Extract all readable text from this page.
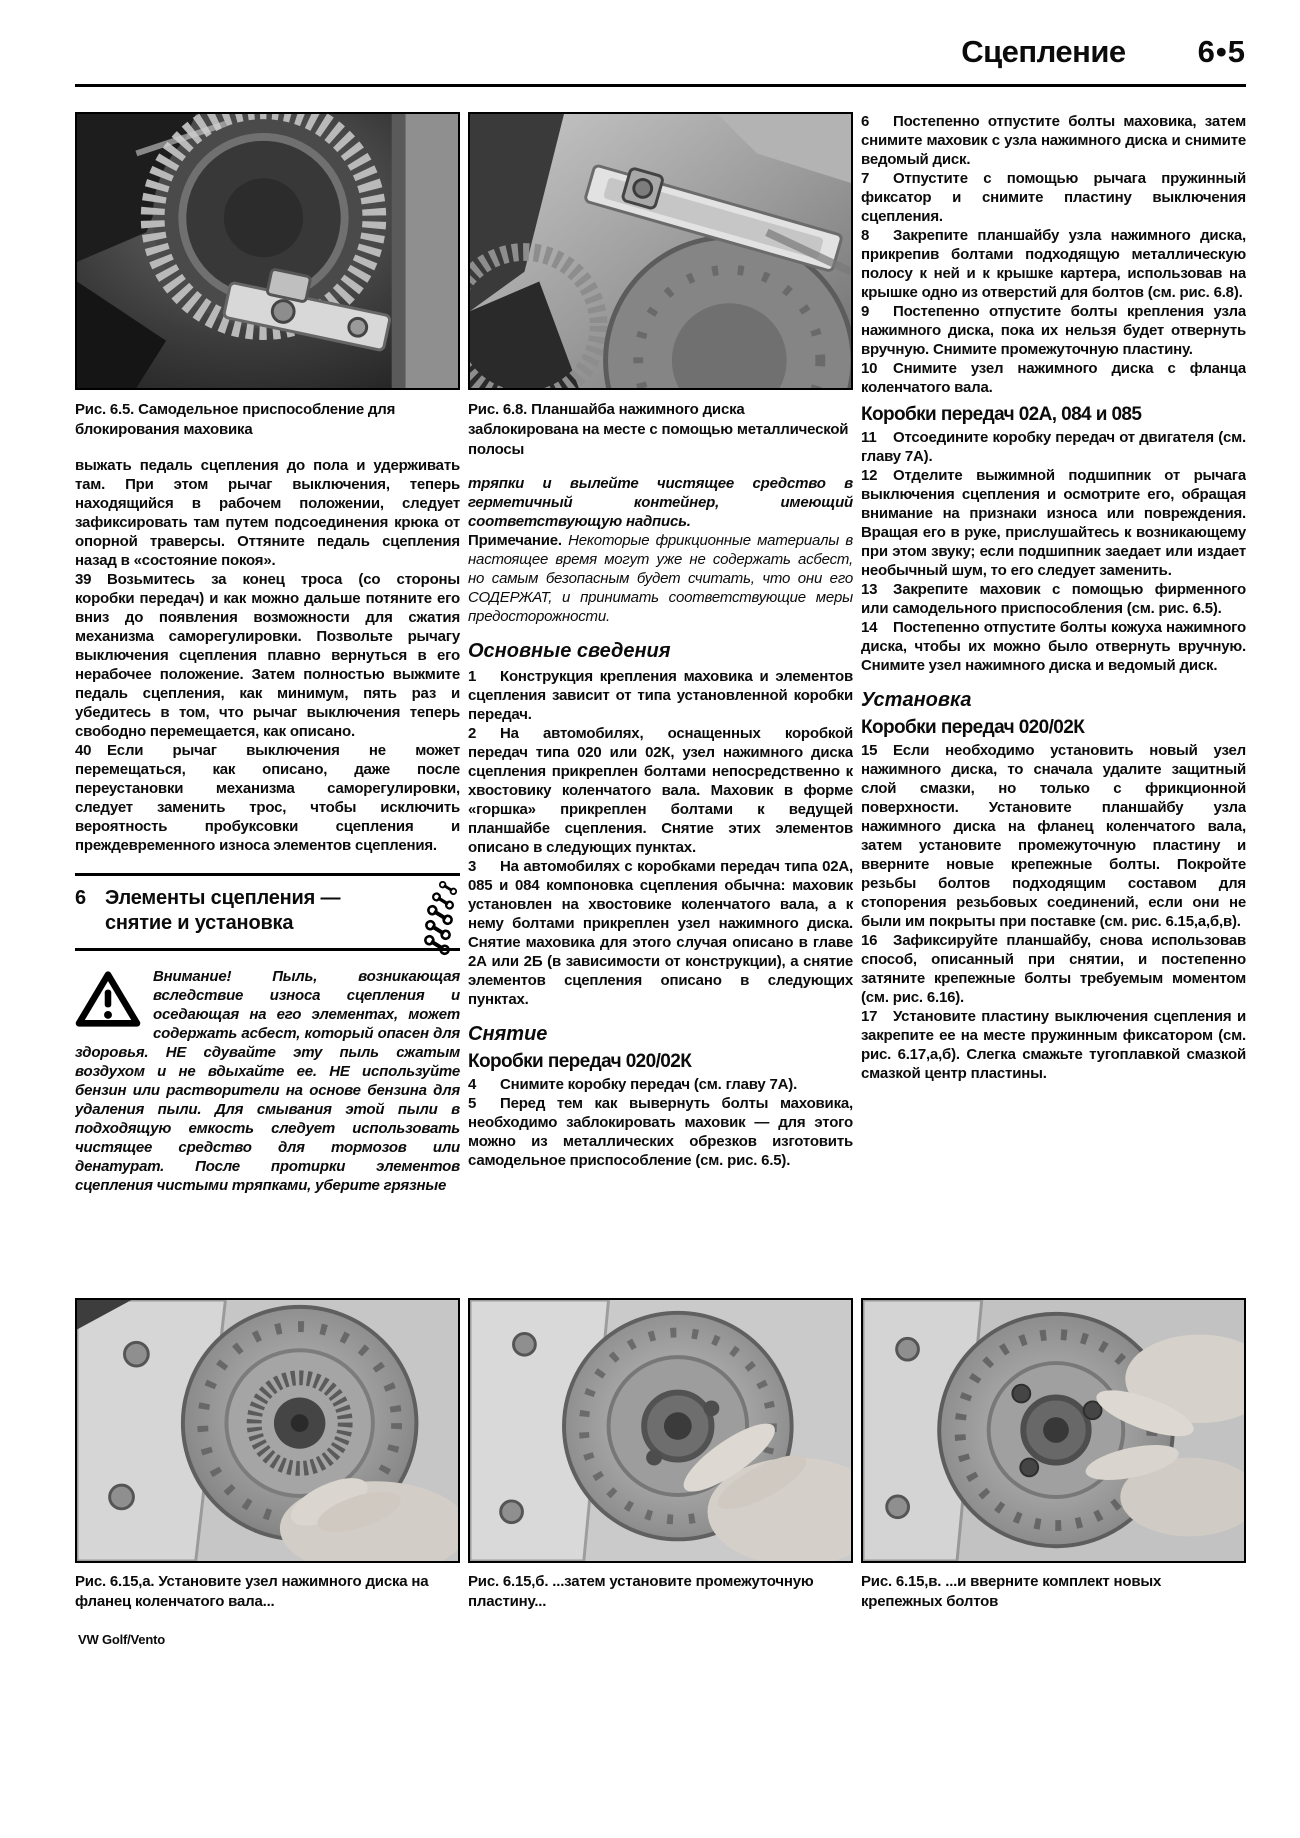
Сцепление 6•5

Рис. 6.5. Самодельное приспособление для блокирования маховика

выжать педаль сцепления до пола и удерживать там. При этом рычаг выключения, теперь находящийся в рабочем положении, следует зафиксировать там путем подсоединения крюка от опорной траверсы. Оттяните педаль сцепления назад в «состояние покоя».

39 Возьмитесь за конец троса (со стороны коробки передач) и как можно дальше потяните его вниз до появления возможности для сжатия механизма саморегулировки. Позвольте рычагу выключения сцепления плавно вернуться в его нерабочее положение. Затем полностью выжмите педаль сцепления, как минимум, пять раз и убедитесь в том, что рычаг выключения теперь свободно перемещается, как описано.

40 Если рычаг выключения не может перемещаться, как описано, даже после переустановки механизма саморегулировки, следует заменить трос, чтобы исключить вероятность пробуксовки сцепления и преждевременного износа элементов сцепления.

6 Элементы сцепления —
снятие и установка
Внимание! Пыль, возникающая вследствие износа сцепления и оседающая на его элементах, может содержать асбест, который опасен для здоровья. НЕ сдувайте эту пыль сжатым воздухом и не вдыхайте ее. НЕ используйте бензин или растворители на основе бензина для удаления пыли. Для смывания этой пыли в подходящую емкость следует использовать чистящее средство для тормозов или денатурат. После протирки элементов сцепления чистыми тряпками, уберите грязные

Рис. 6.8. Планшайба нажимного диска заблокирована на месте с помощью металлической полосы

тряпки и вылейте чистящее средство в герметичный контейнер, имеющий соответствующую надпись.

Примечание. Некоторые фрикционные материалы в настоящее время могут уже не содержать асбест, но самым безопасным будет считать, что они его СОДЕРЖАТ, и принимать соответствующие меры предосторожности.

Основные сведения

1 Конструкция крепления маховика и элементов сцепления зависит от типа установленной коробки передач.

2 На автомобилях, оснащенных коробкой передач типа 020 или 02К, узел нажимного диска сцепления прикреплен болтами непосредственно к хвостовику коленчатого вала. Маховик в форме «горшка» прикреплен болтами к ведущей планшайбе сцепления. Снятие этих элементов описано в следующих пунктах.

3 На автомобилях с коробками передач типа 02А, 085 и 084 компоновка сцепления обычна: маховик установлен на хвостовике коленчатого вала, а к нему болтами прикреплен узел нажимного диска. Снятие маховика для этого случая описано в главе 2А или 2Б (в зависимости от конструкции), а снятие элементов сцепления описано в следующих пунктах.

Снятие
Коробки передач 020/02К

4 Снимите коробку передач (см. главу 7А).

5 Перед тем как вывернуть болты маховика, необходимо заблокировать маховик — для этого можно из металлических обрезков изготовить самодельное приспособление (см. рис. 6.5).

6 Постепенно отпустите болты маховика, затем снимите маховик с узла нажимного диска и снимите ведомый диск.

7 Отпустите с помощью рычага пружинный фиксатор и снимите пластину выключения сцепления.

8 Закрепите планшайбу узла нажимного диска, прикрепив болтами подходящую металлическую полосу к ней и к крышке картера, использовав на крышке одно из отверстий для болтов (см. рис. 6.8).

9 Постепенно отпустите болты крепления узла нажимного диска, пока их нельзя будет отвернуть вручную. Снимите промежуточную пластину.

10 Снимите узел нажимного диска с фланца коленчатого вала.

Коробки передач 02А, 084 и 085

11 Отсоедините коробку передач от двигателя (см. главу 7А).

12 Отделите выжимной подшипник от рычага выключения сцепления и осмотрите его, обращая внимание на признаки износа или повреждения. Вращая его в руке, прислушайтесь к возникающему при этом звуку; если подшипник заедает или издает необычный шум, то его следует заменить.

13 Закрепите маховик с помощью фирменного или самодельного приспособления (см. рис. 6.5).

14 Постепенно отпустите болты кожуха нажимного диска, чтобы их можно было отвернуть вручную. Снимите узел нажимного диска и ведомый диск.

Установка
Коробки передач 020/02К

15 Если необходимо установить новый узел нажимного диска, то сначала удалите защитный слой смазки, но только с фрикционной поверхности. Установите планшайбу узла нажимного диска на фланец коленчатого вала, затем установите промежуточную пластину и вверните новые крепежные болты. Покройте резьбы болтов подходящим составом для стопорения резьбовых соединений, если они не были им покрыты при поставке (см. рис. 6.15,а,б,в).

16 Зафиксируйте планшайбу, снова использовав способ, описанный при снятии, и постепенно затяните крепежные болты требуемым моментом (см. рис. 6.16).

17 Установите пластину выключения сцепления и закрепите ее на месте пружинным фиксатором (см. рис. 6.17,а,б). Слегка смажьте тугоплавкой смазкой смазкой центр пластины.

Рис. 6.15,а. Установите узел нажимного диска на фланец коленчатого вала...

Рис. 6.15,б. ...затем установите промежуточную пластину...

Рис. 6.15,в. ...и вверните комплект новых крепежных болтов

VW Golf/Vento
